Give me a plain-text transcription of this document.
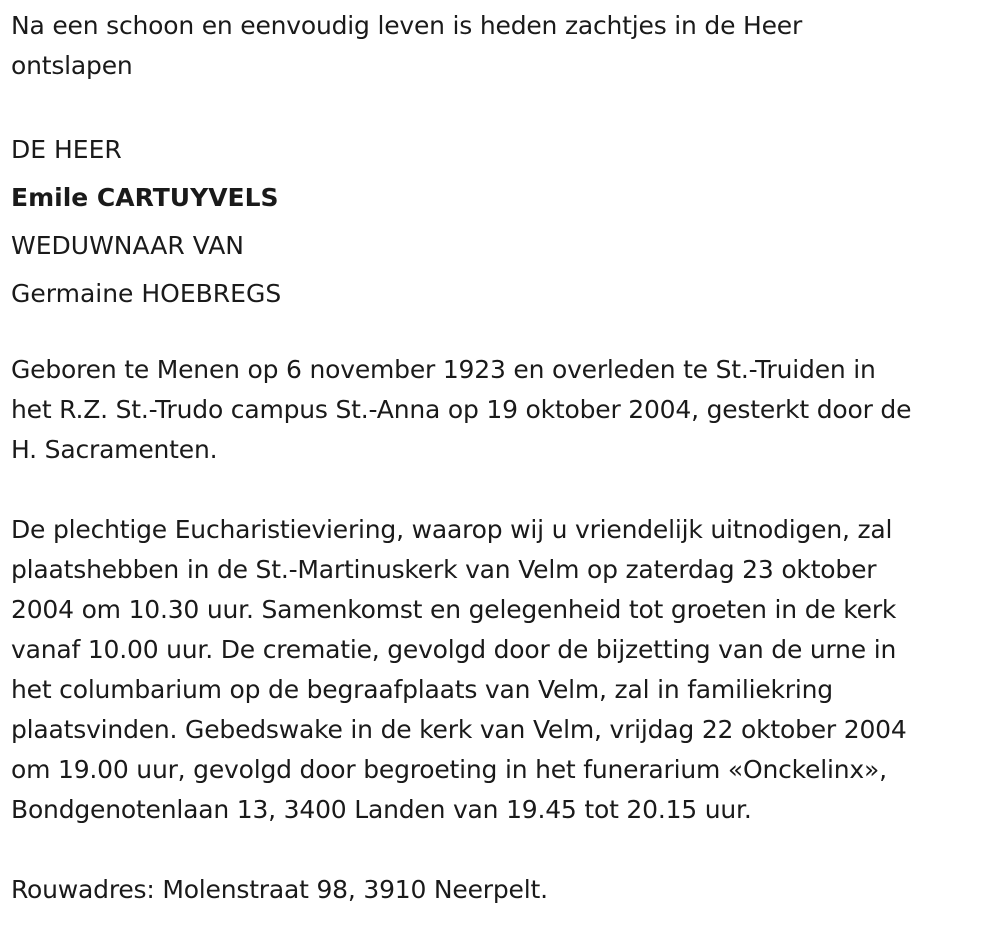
Na een schoon en eenvoudig leven is heden zachtjes in de Heer
ontslapen

DE HEER

Emile CARTUYVELS

WEDUWNAAR VAN

Germaine HOEBREGS

Geboren te Menen op 6 november 1923 en overleden te St.-Truiden in
het R.Z. St.-Trudo campus St.-Anna op 19 oktober 2004, gesterkt door de
H. Sacramenten.

De plechtige Eucharistieviering, waarop wij u vriendelijk uitnodigen, zal
plaatshebben in de St.-Martinuskerk van Velm op zaterdag 23 oktober
2004 om 10.30 uur. Samenkomst en gelegenheid tot groeten in de kerk
vanaf 10.00 uur. De crematie, gevolgd door de bijzetting van de urne in
het columbarium op de begraafplaats van Velm, zal in familiekring
plaatsvinden. Gebedswake in de kerk van Velm, vrijdag 22 oktober 2004
om 19.00 uur, gevolgd door begroeting in het funerarium «Onckelinx»,
Bondgenotenlaan 13, 3400 Landen van 19.45 tot 20.15 uur.

Rouwadres: Molenstraat 98, 3910 Neerpelt.
